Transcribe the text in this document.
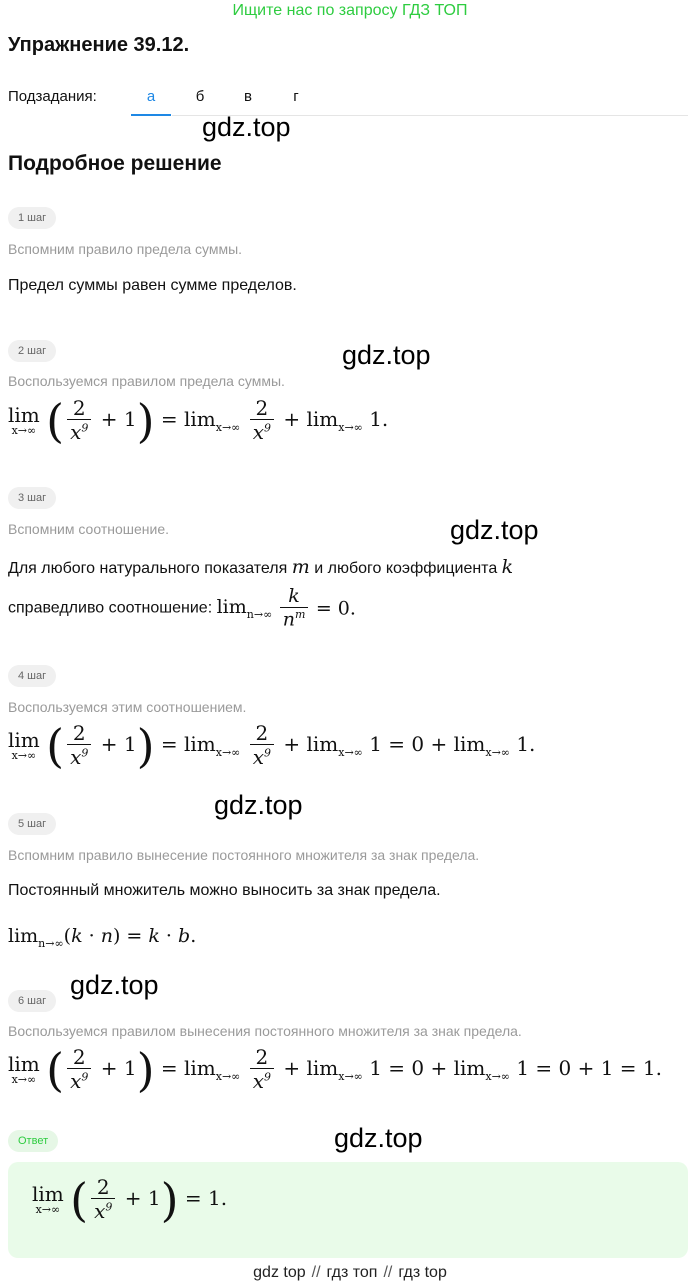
Ищите нас по запросу ГДЗ ТОП
Упражнение 39.12.
Подзадания:	а	б	в	г
gdz.top
Подробное решение
1 шаг
Вспомним правило предела суммы.
Предел суммы равен сумме пределов.
2 шаг	gdz.top
Воспользуемся правилом предела суммы.
lim
x→∞ ( $\frac{2}{x^9} + 1) = \lim_{x\to\infty} \frac{2}{x^9} + \lim_{x\to\infty} 1$.
3 шаг
gdz.top
Вспомним соотношение.
Для любого натурального показателя m и любого коэффициента k
справедливо соотношение: $\lim_{n\to\infty} \frac{k}{n^m} = 0$.
4 шаг
Воспользуемся этим соотношением.
lim
x→∞ ( $\frac{2}{x^9} + 1) = \lim_{x\to\infty} \frac{2}{x^9} + \lim_{x\to\infty} 1 = 0 + \lim_{x\to\infty} 1$.
gdz.top
5 шаг
Вспомним правило вынесение постоянного множителя за знак предела.
Постоянный множитель можно выносить за знак предела.
$\lim_{n\to\infty}(k \cdot n) = k \cdot b$.
gdz.top
6 шаг
Воспользуемся правилом вынесения постоянного множителя за знак предела.
lim
x→∞ ( $\frac{2}{x^9} + 1) = \lim_{x\to\infty} \frac{2}{x^9} + \lim_{x\to\infty} 1 = 0 + \lim_{x\to\infty} 1 = 0 + 1 = 1$.
Ответ	gdz.top
lim
x→∞ ( $\frac{2}{x^9} + 1) = 1$.
gdz top // гдз топ // гдз top
